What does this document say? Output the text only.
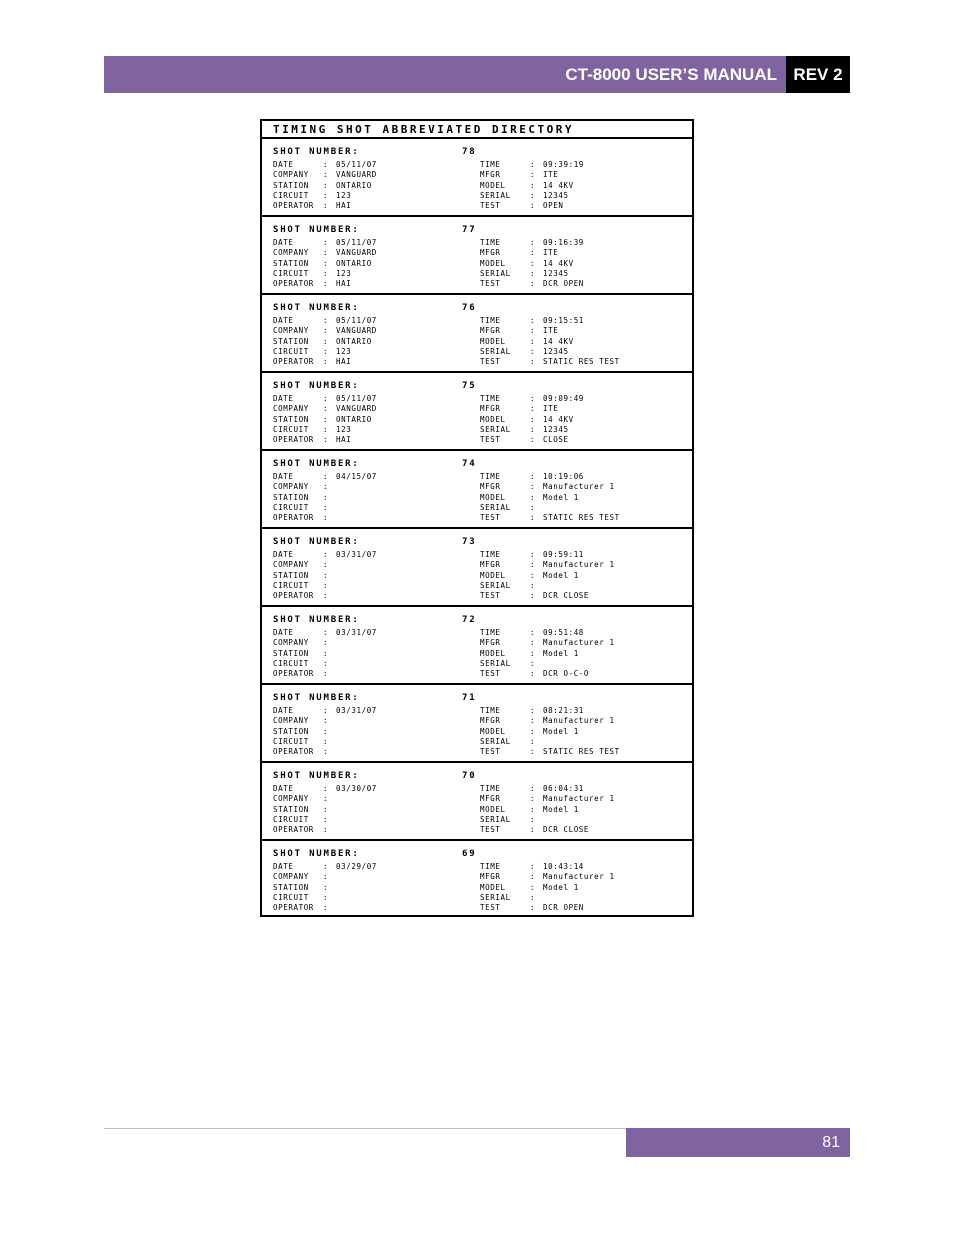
CT-8000 USER’S MANUAL REV 2
TIMING SHOT ABBREVIATED DIRECTORY
SHOT NUMBER:	78
DATE	: 05/11/07
COMPANY : VANGUARD
STATION : ONTARIO
CIRCUIT : 123
OPERATOR : HAI
TIME	: 09:39:19
MFGR	: ITE
MODEL	: 14 4KV
SERIAL	: 12345
TEST	: OPEN
SHOT NUMBER:	77
DATE	: 05/11/07
COMPANY : VANGUARD
STATION : ONTARIO
CIRCUIT : 123
OPERATOR : HAI
TIME	: 09:16:39
MFGR	: ITE
MODEL	: 14 4KV
SERIAL	: 12345
TEST	: DCR OPEN
SHOT NUMBER:	76
DATE	: 05/11/07
COMPANY : VANGUARD
STATION : ONTARIO
CIRCUIT : 123
OPERATOR : HAI
TIME	: 09:15:51
MFGR	: ITE
MODEL	: 14 4KV
SERIAL	: 12345
TEST	: STATIC RES TEST
SHOT NUMBER:	75
DATE	: 05/11/07
COMPANY : VANGUARD
STATION : ONTARIO
CIRCUIT : 123
OPERATOR : HAI
TIME	: 09:09:49
MFGR	: ITE
MODEL	: 14 4KV
SERIAL	: 12345
TEST	: CLOSE
SHOT NUMBER:	74
DATE	: 04/15/07
COMPANY :
STATION :
CIRCUIT :
OPERATOR :
TIME	: 10:19:06
MFGR	: Manufacturer 1
MODEL	: Model 1
SERIAL	:
TEST	: STATIC RES TEST
SHOT NUMBER:	73
DATE	: 03/31/07
COMPANY :
STATION :
CIRCUIT :
OPERATOR :
TIME	: 09:59:11
MFGR	: Manufacturer 1
MODEL	: Model 1
SERIAL	:
TEST	: DCR CLOSE
SHOT NUMBER:	72
DATE	: 03/31/07
COMPANY :
STATION :
CIRCUIT :
OPERATOR :
TIME	: 09:51:48
MFGR	: Manufacturer 1
MODEL	: Model 1
SERIAL	:
TEST	: DCR O-C-O
SHOT NUMBER:	71
DATE	: 03/31/07
COMPANY :
STATION :
CIRCUIT :
OPERATOR :
TIME	: 08:21:31
MFGR	: Manufacturer 1
MODEL	: Model 1
SERIAL	:
TEST	: STATIC RES TEST
SHOT NUMBER:	70
DATE	: 03/30/07
COMPANY :
STATION :
CIRCUIT :
OPERATOR :
TIME	: 06:04:31
MFGR	: Manufacturer 1
MODEL	: Model 1
SERIAL	:
TEST	: DCR CLOSE
SHOT NUMBER:	69
DATE	: 03/29/07
COMPANY :
STATION :
CIRCUIT :
OPERATOR :
TIME	: 10:43:14
MFGR	: Manufacturer 1
MODEL	: Model 1
SERIAL	:
TEST	: DCR OPEN
81
